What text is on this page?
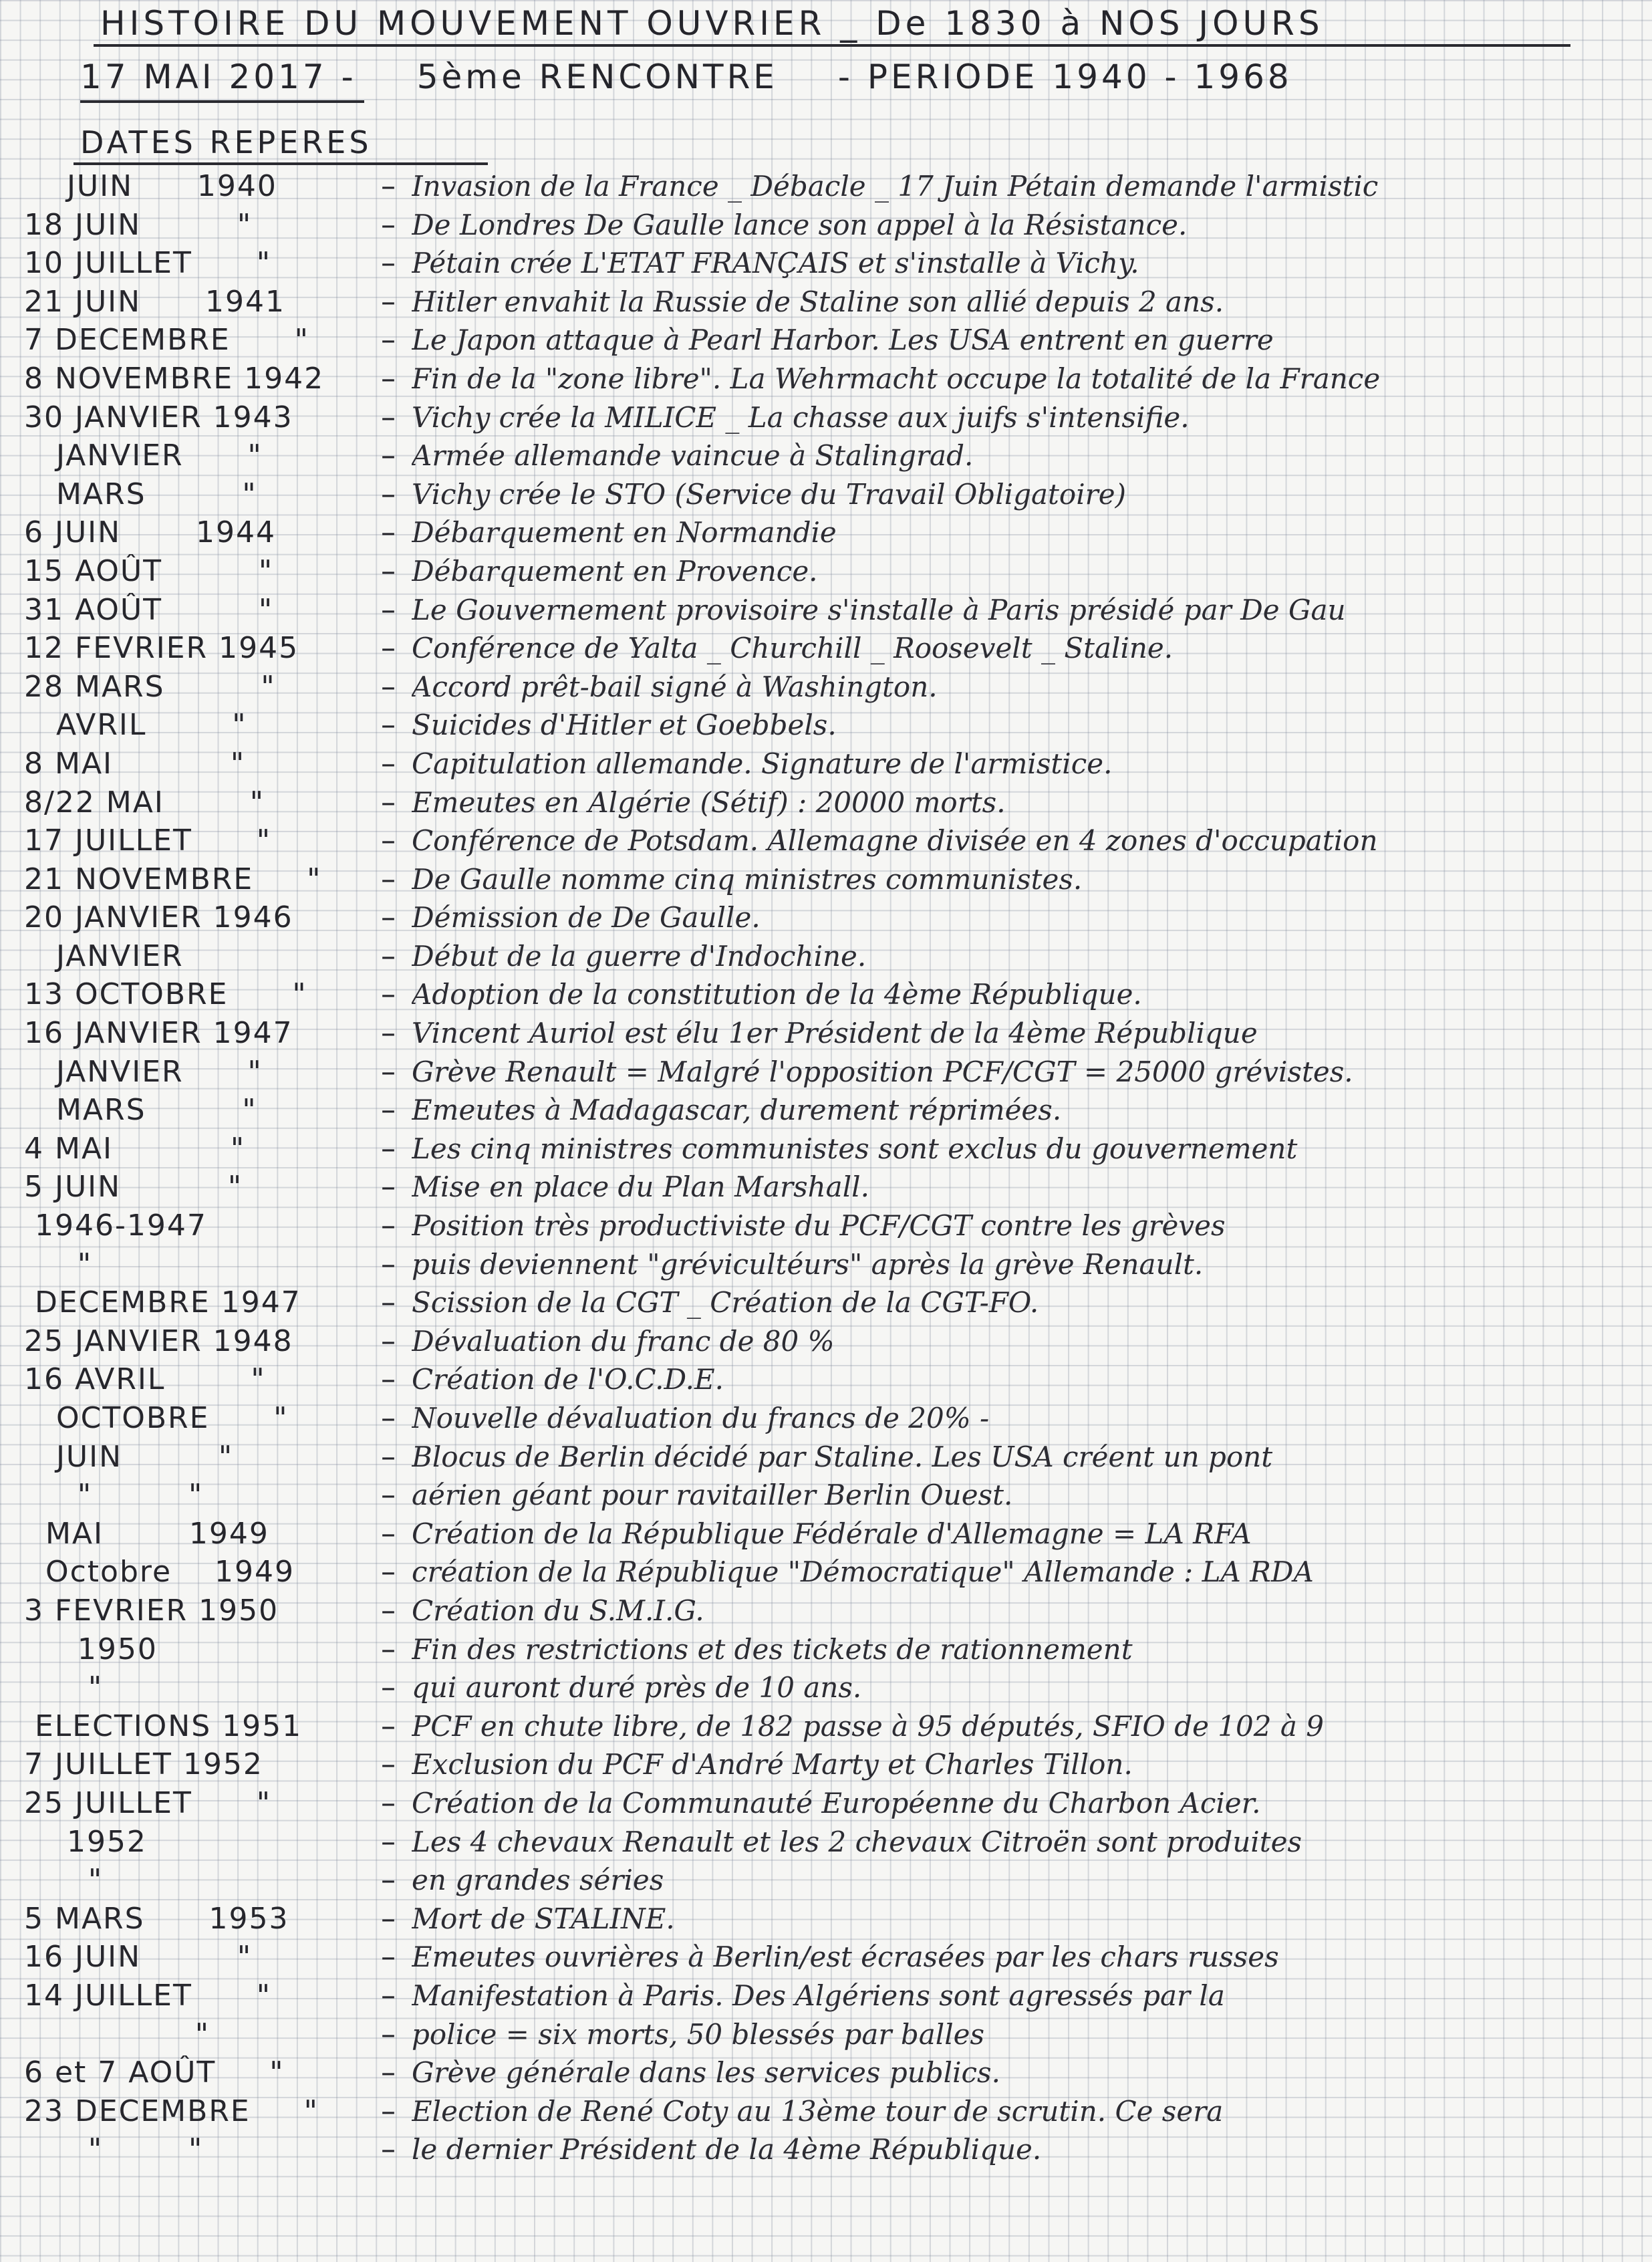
HISTOIRE DU MOUVEMENT OUVRIER _ De 1830 à NOS JOURS
17 MAI 2017 - 5ème RENCONTRE - PERIODE 1940 - 1968
DATES REPERES
JUIN      1940	– Invasion de la France _ Débacle _ 17 Juin Pétain demande l'armistic
18 JUIN         "	– De Londres De Gaulle lance son appel à la Résistance.
10 JUILLET      "	– Pétain crée L'ETAT FRANÇAIS et s'installe à Vichy.
21 JUIN      1941	– Hitler envahit la Russie de Staline son allié depuis 2 ans.
7 DECEMBRE      "	– Le Japon attaque à Pearl Harbor. Les USA entrent en guerre
8 NOVEMBRE 1942	– Fin de la "zone libre". La Wehrmacht occupe la totalité de la France
30 JANVIER 1943	– Vichy crée la MILICE _ La chasse aux juifs s'intensifie.
JANVIER      "	– Armée allemande vaincue à Stalingrad.
MARS         "	– Vichy crée le STO (Service du Travail Obligatoire)
6 JUIN       1944	– Débarquement en Normandie
15 AOÛT         "	– Débarquement en Provence.
31 AOÛT         "	– Le Gouvernement provisoire s'installe à Paris présidé par De Gau
12 FEVRIER 1945	– Conférence de Yalta _ Churchill _ Roosevelt _ Staline.
28 MARS         "	– Accord prêt-bail signé à Washington.
AVRIL        "	– Suicides d'Hitler et Goebbels.
8 MAI           "	– Capitulation allemande. Signature de l'armistice.
8/22 MAI        "	– Emeutes en Algérie (Sétif) : 20000 morts.
17 JUILLET      "	– Conférence de Potsdam. Allemagne divisée en 4 zones d'occupation
21 NOVEMBRE     "	– De Gaulle nomme cinq ministres communistes.
20 JANVIER 1946	– Démission de De Gaulle.
JANVIER	– Début de la guerre d'Indochine.
13 OCTOBRE      "	– Adoption de la constitution de la 4ème République.
16 JANVIER 1947	– Vincent Auriol est élu 1er Président de la 4ème République
JANVIER      "	– Grève Renault = Malgré l'opposition PCF/CGT = 25000 grévistes.
MARS         "	– Emeutes à Madagascar, durement réprimées.
4 MAI           "	– Les cinq ministres communistes sont exclus du gouvernement
5 JUIN          "	– Mise en place du Plan Marshall.
1946-1947	– Position très productiviste du PCF/CGT contre les grèves
"	– puis deviennent "grévicultéurs" après la grève Renault.
DECEMBRE 1947	– Scission de la CGT _ Création de la CGT-FO.
25 JANVIER 1948	– Dévaluation du franc de 80 %
16 AVRIL        "	– Création de l'O.C.D.E.
OCTOBRE      "	– Nouvelle dévaluation du francs de 20% -
JUIN         "	– Blocus de Berlin décidé par Staline. Les USA créent un pont
"         "	– aérien géant pour ravitailler Berlin Ouest.
MAI        1949	– Création de la République Fédérale d'Allemagne = LA RFA
Octobre    1949	– création de la République "Démocratique" Allemande : LA RDA
3 FEVRIER 1950	– Création du S.M.I.G.
1950	– Fin des restrictions et des tickets de rationnement
"	– qui auront duré près de 10 ans.
ELECTIONS 1951	– PCF en chute libre, de 182 passe à 95 députés, SFIO de 102 à 9
7 JUILLET 1952	– Exclusion du PCF d'André Marty et Charles Tillon.
25 JUILLET      "	– Création de la Communauté Européenne du Charbon Acier.
1952	– Les 4 chevaux Renault et les 2 chevaux Citroën sont produites
"	– en grandes séries
5 MARS      1953	– Mort de STALINE.
16 JUIN         "	– Emeutes ouvrières à Berlin/est écrasées par les chars russes
14 JUILLET      "	– Manifestation à Paris. Des Algériens sont agressés par la
"	– police = six morts, 50 blessés par balles
6 et 7 AOÛT     "	– Grève générale dans les services publics.
23 DECEMBRE     "	– Election de René Coty au 13ème tour de scrutin. Ce sera
"        "	– le dernier Président de la 4ème République.
